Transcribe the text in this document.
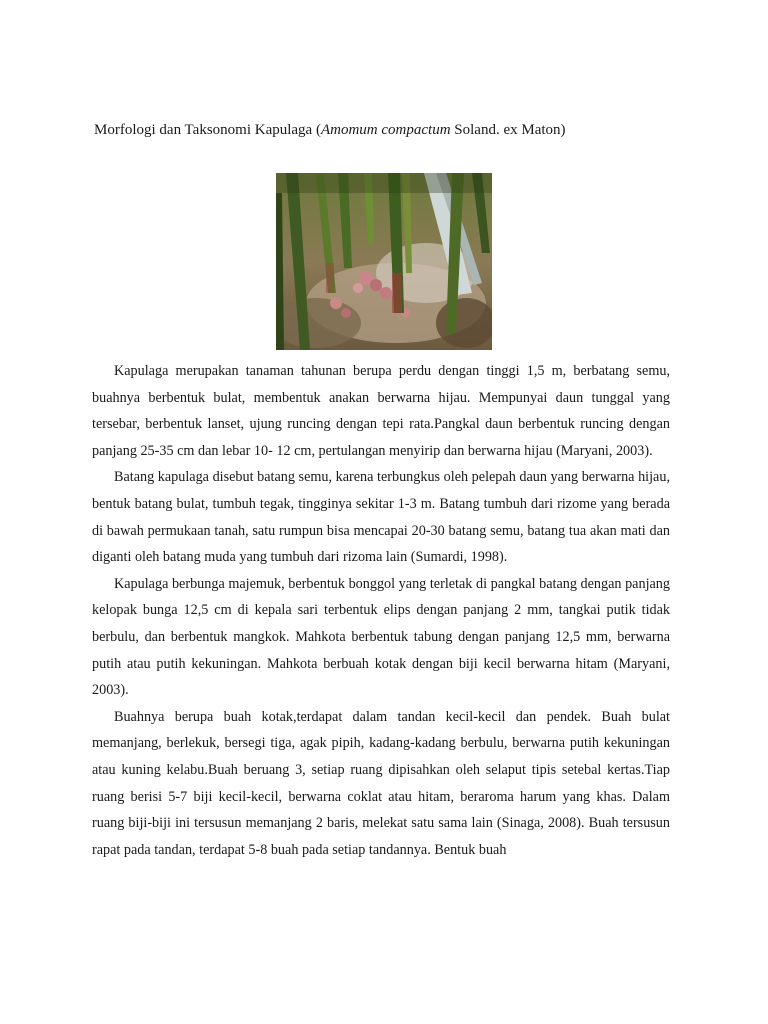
Morfologi dan Taksonomi Kapulaga (Amomum compactum Soland. ex Maton)

Kapulaga merupakan tanaman tahunan berupa perdu dengan tinggi 1,5 m, berbatang semu, buahnya berbentuk bulat, membentuk anakan berwarna hijau. Mempunyai daun tunggal yang tersebar, berbentuk lanset, ujung runcing dengan tepi rata.Pangkal daun berbentuk runcing dengan panjang 25-35 cm dan lebar 10- 12 cm, pertulangan menyirip dan berwarna hijau (Maryani, 2003).

Batang kapulaga disebut batang semu, karena terbungkus oleh pelepah daun yang berwarna hijau, bentuk batang bulat, tumbuh tegak, tingginya sekitar 1-3 m. Batang tumbuh dari rizome yang berada di bawah permukaan tanah, satu rumpun bisa mencapai 20-30 batang semu, batang tua akan mati dan diganti oleh batang muda yang tumbuh dari rizoma lain (Sumardi, 1998).

Kapulaga berbunga majemuk, berbentuk bonggol yang terletak di pangkal batang dengan panjang kelopak bunga 12,5 cm di kepala sari terbentuk elips dengan panjang 2 mm, tangkai putik tidak berbulu, dan berbentuk mangkok. Mahkota berbentuk tabung dengan panjang 12,5 mm, berwarna putih atau putih kekuningan. Mahkota berbuah kotak dengan biji kecil berwarna hitam (Maryani, 2003).

Buahnya berupa buah kotak,terdapat dalam tandan kecil-kecil dan pendek. Buah bulat memanjang, berlekuk, bersegi tiga, agak pipih, kadang-kadang berbulu, berwarna putih kekuningan atau kuning kelabu.Buah beruang 3, setiap ruang dipisahkan oleh selaput tipis setebal kertas.Tiap ruang berisi 5-7 biji kecil-kecil, berwarna coklat atau hitam, beraroma harum yang khas. Dalam ruang biji-biji ini tersusun memanjang 2 baris, melekat satu sama lain (Sinaga, 2008). Buah tersusun rapat pada tandan, terdapat 5-8 buah pada setiap tandannya. Bentuk buah
